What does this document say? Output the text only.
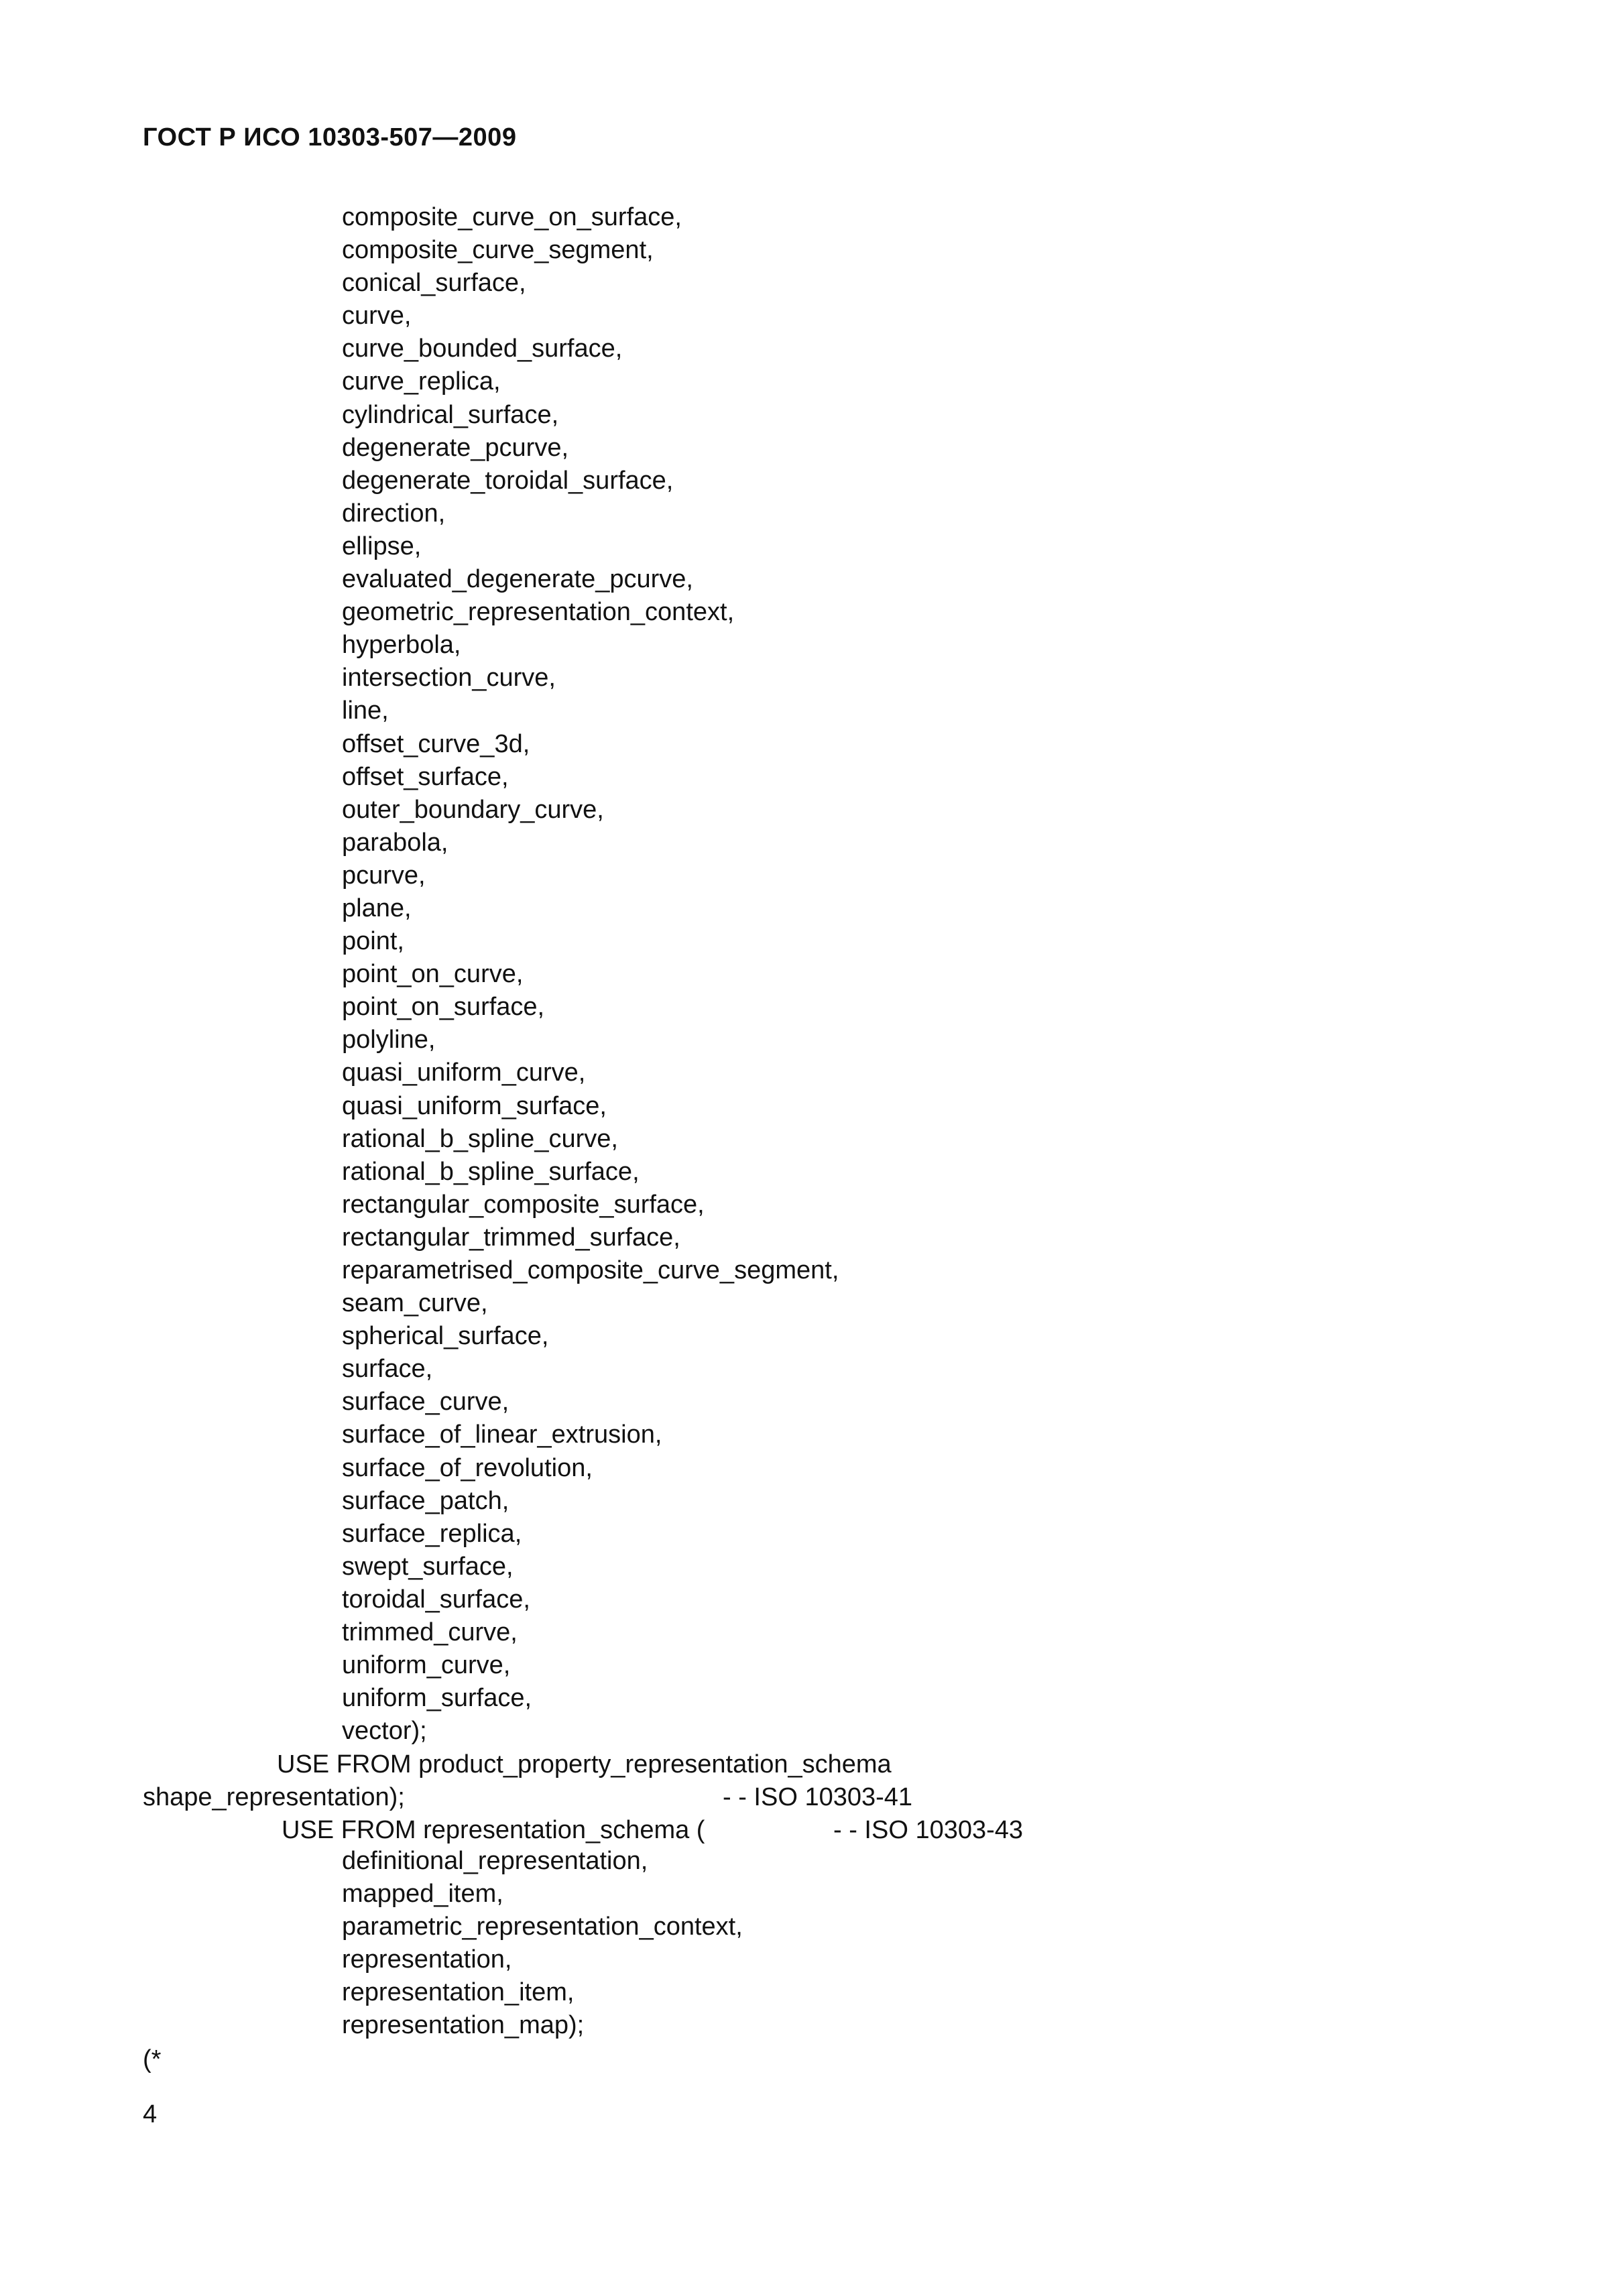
ГОСТ Р ИСО 10303-507—2009
composite_curve_on_surface,
composite_curve_segment,
conical_surface,
curve,
curve_bounded_surface,
curve_replica,
cylindrical_surface,
degenerate_pcurve,
degenerate_toroidal_surface,
direction,
ellipse,
evaluated_degenerate_pcurve,
geometric_representation_context,
hyperbola,
intersection_curve,
line,
offset_curve_3d,
offset_surface,
outer_boundary_curve,
parabola,
pcurve,
plane,
point,
point_on_curve,
point_on_surface,
polyline,
quasi_uniform_curve,
quasi_uniform_surface,
rational_b_spline_curve,
rational_b_spline_surface,
rectangular_composite_surface,
rectangular_trimmed_surface,
reparametrised_composite_curve_segment,
seam_curve,
spherical_surface,
surface,
surface_curve,
surface_of_linear_extrusion,
surface_of_revolution,
surface_patch,
surface_replica,
swept_surface,
toroidal_surface,
trimmed_curve,
uniform_curve,
uniform_surface,
vector);
USE FROM product_property_representation_schema
shape_representation);	- - ISO 10303-41
USE FROM representation_schema (	- - ISO 10303-43
definitional_representation,
mapped_item,
parametric_representation_context,
representation,
representation_item,
representation_map);
(*
4
